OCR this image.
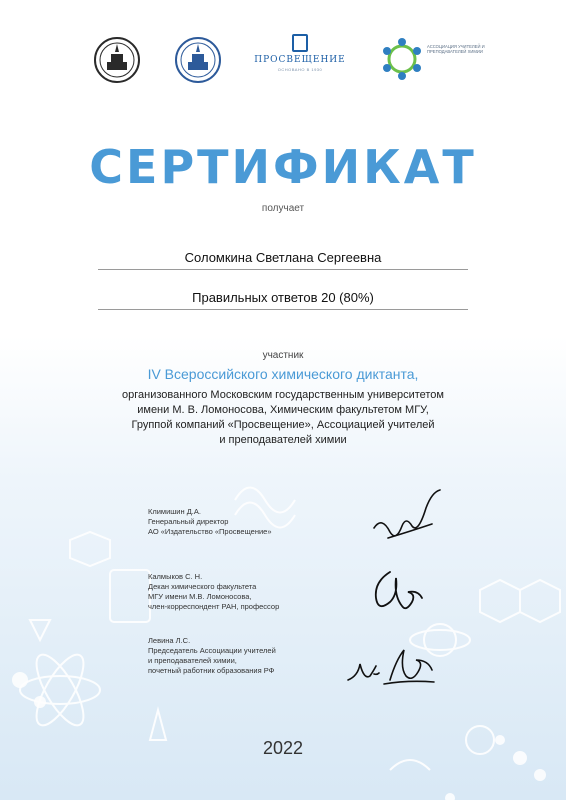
ПРОСВЕЩЕНИЕ
ОСНОВАНО В 1930
АССОЦИАЦИЯ УЧИТЕЛЕЙ И ПРЕПОДАВАТЕЛЕЙ ХИМИИ
СЕРТИФИКАТ
получает
Соломкина Светлана Сергеевна
Правильных ответов 20 (80%)
участник
IV Всероссийского химического диктанта,
организованного Московским государственным университетом
имени М. В. Ломоносова, Химическим факультетом МГУ,
Группой компаний «Просвещение», Ассоциацией учителей
и преподавателей химии
Климишин Д.А.
Генеральный директор
АО «Издательство «Просвещение»
Калмыков С. Н.
Декан химического факультета
МГУ имени М.В. Ломоносова,
член-корреспондент РАН, профессор
Левина Л.С.
Председатель Ассоциации учителей
и преподавателей химии,
почетный работник образования РФ
2022
